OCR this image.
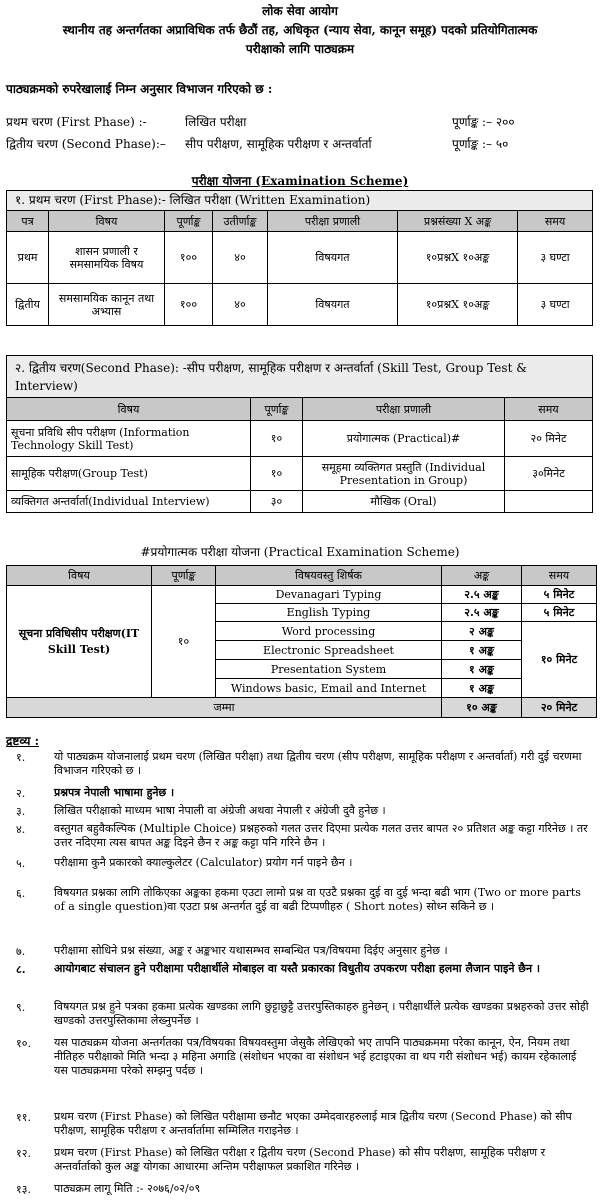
लोक सेवा आयोग
स्थानीय तह अन्तर्गतका अप्राविधिक तर्फ छैठौं तह, अधिकृत (न्याय सेवा, कानून समूह) पदको प्रतियोगितात्मक
परीक्षाको लागि पाठ्यक्रम
पाठ्यक्रमको रुपरेखालाई निम्न अनुसार विभाजन गरिएको छ :
प्रथम चरण (First Phase) :-	लिखित परीक्षा	पूर्णाङ्क :– २००
द्वितीय चरण (Second Phase):– सीप परीक्षण, सामूहिक परीक्षण र अन्तर्वार्ता	पूर्णाङ्क :– ५०
परीक्षा योजना (Examination Scheme)
१. प्रथम चरण (First Phase):- लिखित परीक्षा (Written Examination)						
पत्र	विषय	पूर्णाङ्क	उतीर्णाङ्क	परीक्षा प्रणाली	प्रश्नसंख्या X अङ्क	समय
प्रथम	शासन प्रणाली र समसामयिक विषय	१००	४०	विषयगत	१०प्रश्नX १०अङ्क	३ घण्टा
द्वितीय	समसामयिक कानून तथा अभ्यास	१००	४०	विषयगत	१०प्रश्नX १०अङ्क	३ घण्टा
२. द्वितीय चरण(Second Phase): -सीप परीक्षण, सामूहिक परीक्षण र अन्तर्वार्ता (Skill Test, Group Test & Interview)			
विषय	पूर्णाङ्क	परीक्षा प्रणाली	समय
सूचना प्रविधि सीप परीक्षण (Information Technology Skill Test)	१०	प्रयोगात्मक (Practical)#	२० मिनेट
सामूहिक परीक्षण(Group Test)	१०	समूहमा व्यक्तिगत प्रस्तुति (Individual Presentation in Group)	३०मिनेट
व्यक्तिगत अन्तर्वार्ता(Individual Interview)	३०	मौखिक (Oral)	
#प्रयोगात्मक परीक्षा योजना (Practical Examination Scheme)
विषय	पूर्णाङ्क	विषयवस्तु शिर्षक	अङ्क	समय
सूचना प्रविधिसीप परीक्षण(IT Skill Test)	१०	Devanagari Typing	२.५ अङ्क	५ मिनेट
		English Typing	२.५ अङ्क	५ मिनेट
		Word processing	२ अङ्क	१० मिनेट
		Electronic Spreadsheet	१ अङ्क	
		Presentation System	१ अङ्क	
		Windows basic, Email and Internet	१ अङ्क	
जम्मा			१० अङ्क	२० मिनेट
द्रष्टव्य :
१.	यो पाठ्यक्रम योजनालाई प्रथम चरण (लिखित परीक्षा) तथा द्वितीय चरण (सीप परीक्षण, सामूहिक परीक्षण र अन्तर्वार्ता) गरी दुई चरणमा विभाजन गरिएको छ ।
२.	प्रश्नपत्र नेपाली भाषामा हुनेछ ।
३.	लिखित परीक्षाको माध्यम भाषा नेपाली वा अंग्रेजी अथवा नेपाली र अंग्रेजी दुवै हुनेछ ।
४.	वस्तुगत बहुवैकल्पिक (Multiple Choice) प्रश्नहरुको गलत उत्तर दिएमा प्रत्येक गलत उत्तर बापत २० प्रतिशत अङ्क कट्टा गरिनेछ । तर उत्तर नदिएमा त्यस बापत अङ्क दिइने छैन र अङ्क कट्टा पनि गरिने छैन ।
५.	परीक्षामा कुनै प्रकारको क्याल्कुलेटर (Calculator) प्रयोग गर्न पाइने छैन ।
६.	विषयगत प्रश्नका लागि तोकिएका अङ्कका हकमा एउटा लामो प्रश्न वा एउटै प्रश्नका दुई वा दुई भन्दा बढी भाग (Two or more parts of a single question)वा एउटा प्रश्न अन्तर्गत दुई वा बढी टिप्पणीहरु ( Short notes) सोध्न सकिने छ ।
७.	परीक्षामा सोधिने प्रश्न संख्या, अङ्क र अङ्कभार यथासम्भव सम्बन्धित पत्र/विषयमा दिईए अनुसार हुनेछ ।
८.	आयोगबाट संचालन हुने परीक्षामा परीक्षार्थीले मोबाइल वा यस्तै प्रकारका विधुतीय उपकरण परीक्षा हलमा लैजान पाइने छैन ।
९.	विषयगत प्रश्न हुने पत्रका हकमा प्रत्येक खण्डका लागि छुट्टाछुट्टै उत्तरपुस्तिकाहरु हुनेछन् । परीक्षार्थीले प्रत्येक खण्डका प्रश्नहरुको उत्तर सोही खण्डको उत्तरपुस्तिकामा लेख्नुपर्नेछ ।
१०. यस पाठ्यक्रम योजना अन्तर्गतका पत्र/विषयका विषयवस्तुमा जेसुकै लेखिएको भए तापनि पाठ्यक्रममा परेका कानून, ऐन, नियम तथा नीतिहरु परीक्षाको मिति भन्दा ३ महिना अगाडि (संशोधन भएका वा संशोधन भई हटाइएका वा थप गरी संशोधन भई) कायम रहेकालाई यस पाठ्यक्रममा परेको सम्झनु पर्दछ ।
११. प्रथम चरण (First Phase) को लिखित परीक्षामा छनौट भएका उम्मेदवारहरुलाई मात्र द्वितीय चरण (Second Phase) को सीप परीक्षण, सामूहिक परीक्षण र अन्तर्वार्तामा सम्मिलित गराइनेछ ।
१२. प्रथम चरण (First Phase) को लिखित परीक्षा र द्वितीय चरण (Second Phase) को सीप परीक्षण, सामूहिक परीक्षण र अन्तर्वार्ताको कुल अङ्क योगका आधारमा अन्तिम परीक्षाफल प्रकाशित गरिनेछ ।
१३. पाठ्यक्रम लागू मिति :- २०७६/०२/०९
